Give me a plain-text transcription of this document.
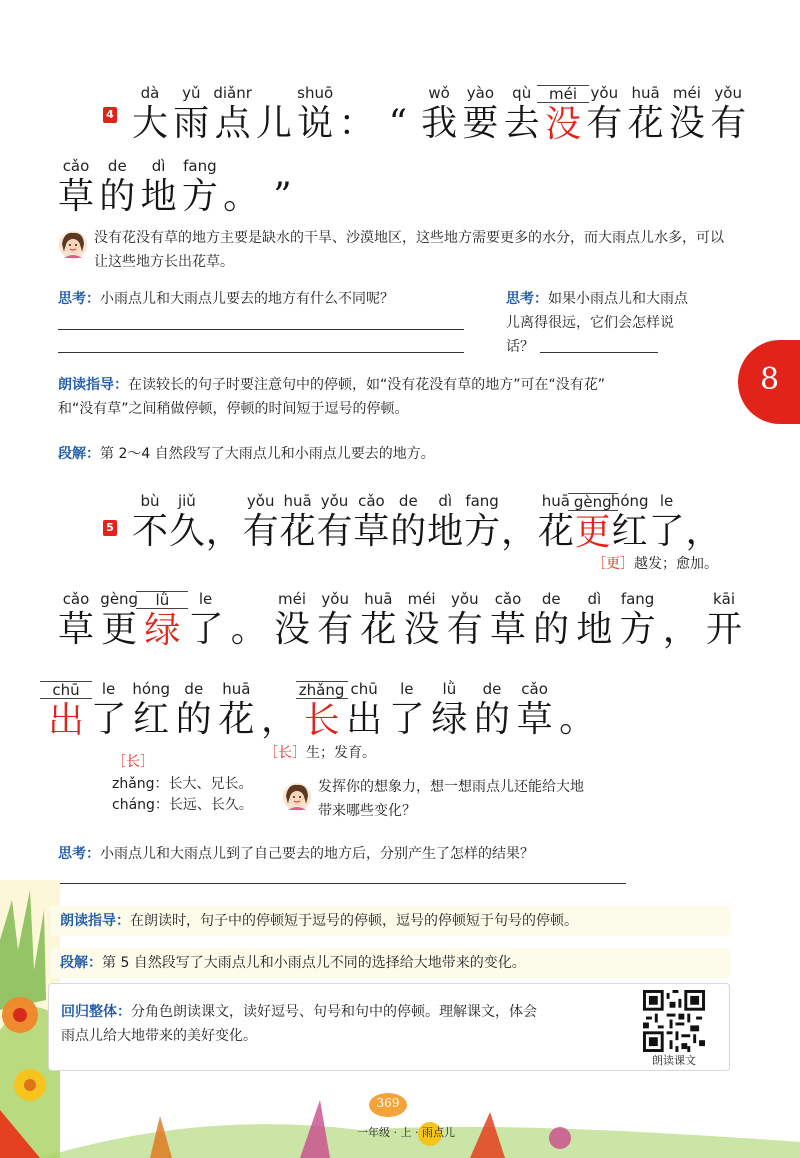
4
dà
大
yǔ
雨
diǎnr
点 儿
shuō
说 ： “
wǒ
我
yào
要
qù
去
méi
没
yǒu
有
huā
花
méi
没
yǒu
有
cǎo
草
de
的
dì
地
fang
方 。 ”
没有花没有草的地方主要是缺水的干旱、沙漠地区，这些地方需要更多的水分，而大雨点儿水多，可以让这些地方长出花草。
思考：小雨点儿和大雨点儿要去的地方有什么不同呢？	思考：如果小雨点儿和大雨点
儿离得很远，它们会怎样说
话？
8
朗读指导：在读较长的句子时要注意句中的停顿，如“没有花没有草的地方”可在“没有花”
和“没有草”之间稍做停顿，停顿的时间短于逗号的停顿。
段解：第 2～4 自然段写了大雨点儿和小雨点儿要去的地方。
5
bù
不
jiǔ
久 ，
yǒu
有
huā
花
yǒu
有
cǎo
草
de
的
dì
地
fang
方 ，
huā
花
gèng
更
hóng
红
le
了 ，
［更］越发；愈加。
cǎo
草
gèng
更
lǜ
绿
le
了 。
méi
没
yǒu
有
huā
花
méi
没
yǒu
有
cǎo
草
de
的
dì
地
fang
方 ，
kāi
开
chū
出
le
了
hóng
红
de
的
huā
花 ，
zhǎng
长
chū
出
le
了
lǜ
绿
de
的
cǎo
草 。
［长］生；发育。
［长］
zhǎng：长大、兄长。
cháng：长远、长久。
发挥你的想象力，想一想雨点儿还能给大地
带来哪些变化？
思考：小雨点儿和大雨点儿到了自己要去的地方后，分别产生了怎样的结果？
朗读指导：在朗读时，句子中的停顿短于逗号的停顿，逗号的停顿短于句号的停顿。
段解：第 5 自然段写了大雨点儿和小雨点儿不同的选择给大地带来的变化。
回归整体：分角色朗读课文，读好逗号、句号和句中的停顿。理解课文，体会
雨点儿给大地带来的美好变化。
朗读课文
369
一年级 · 上 · 雨点儿
